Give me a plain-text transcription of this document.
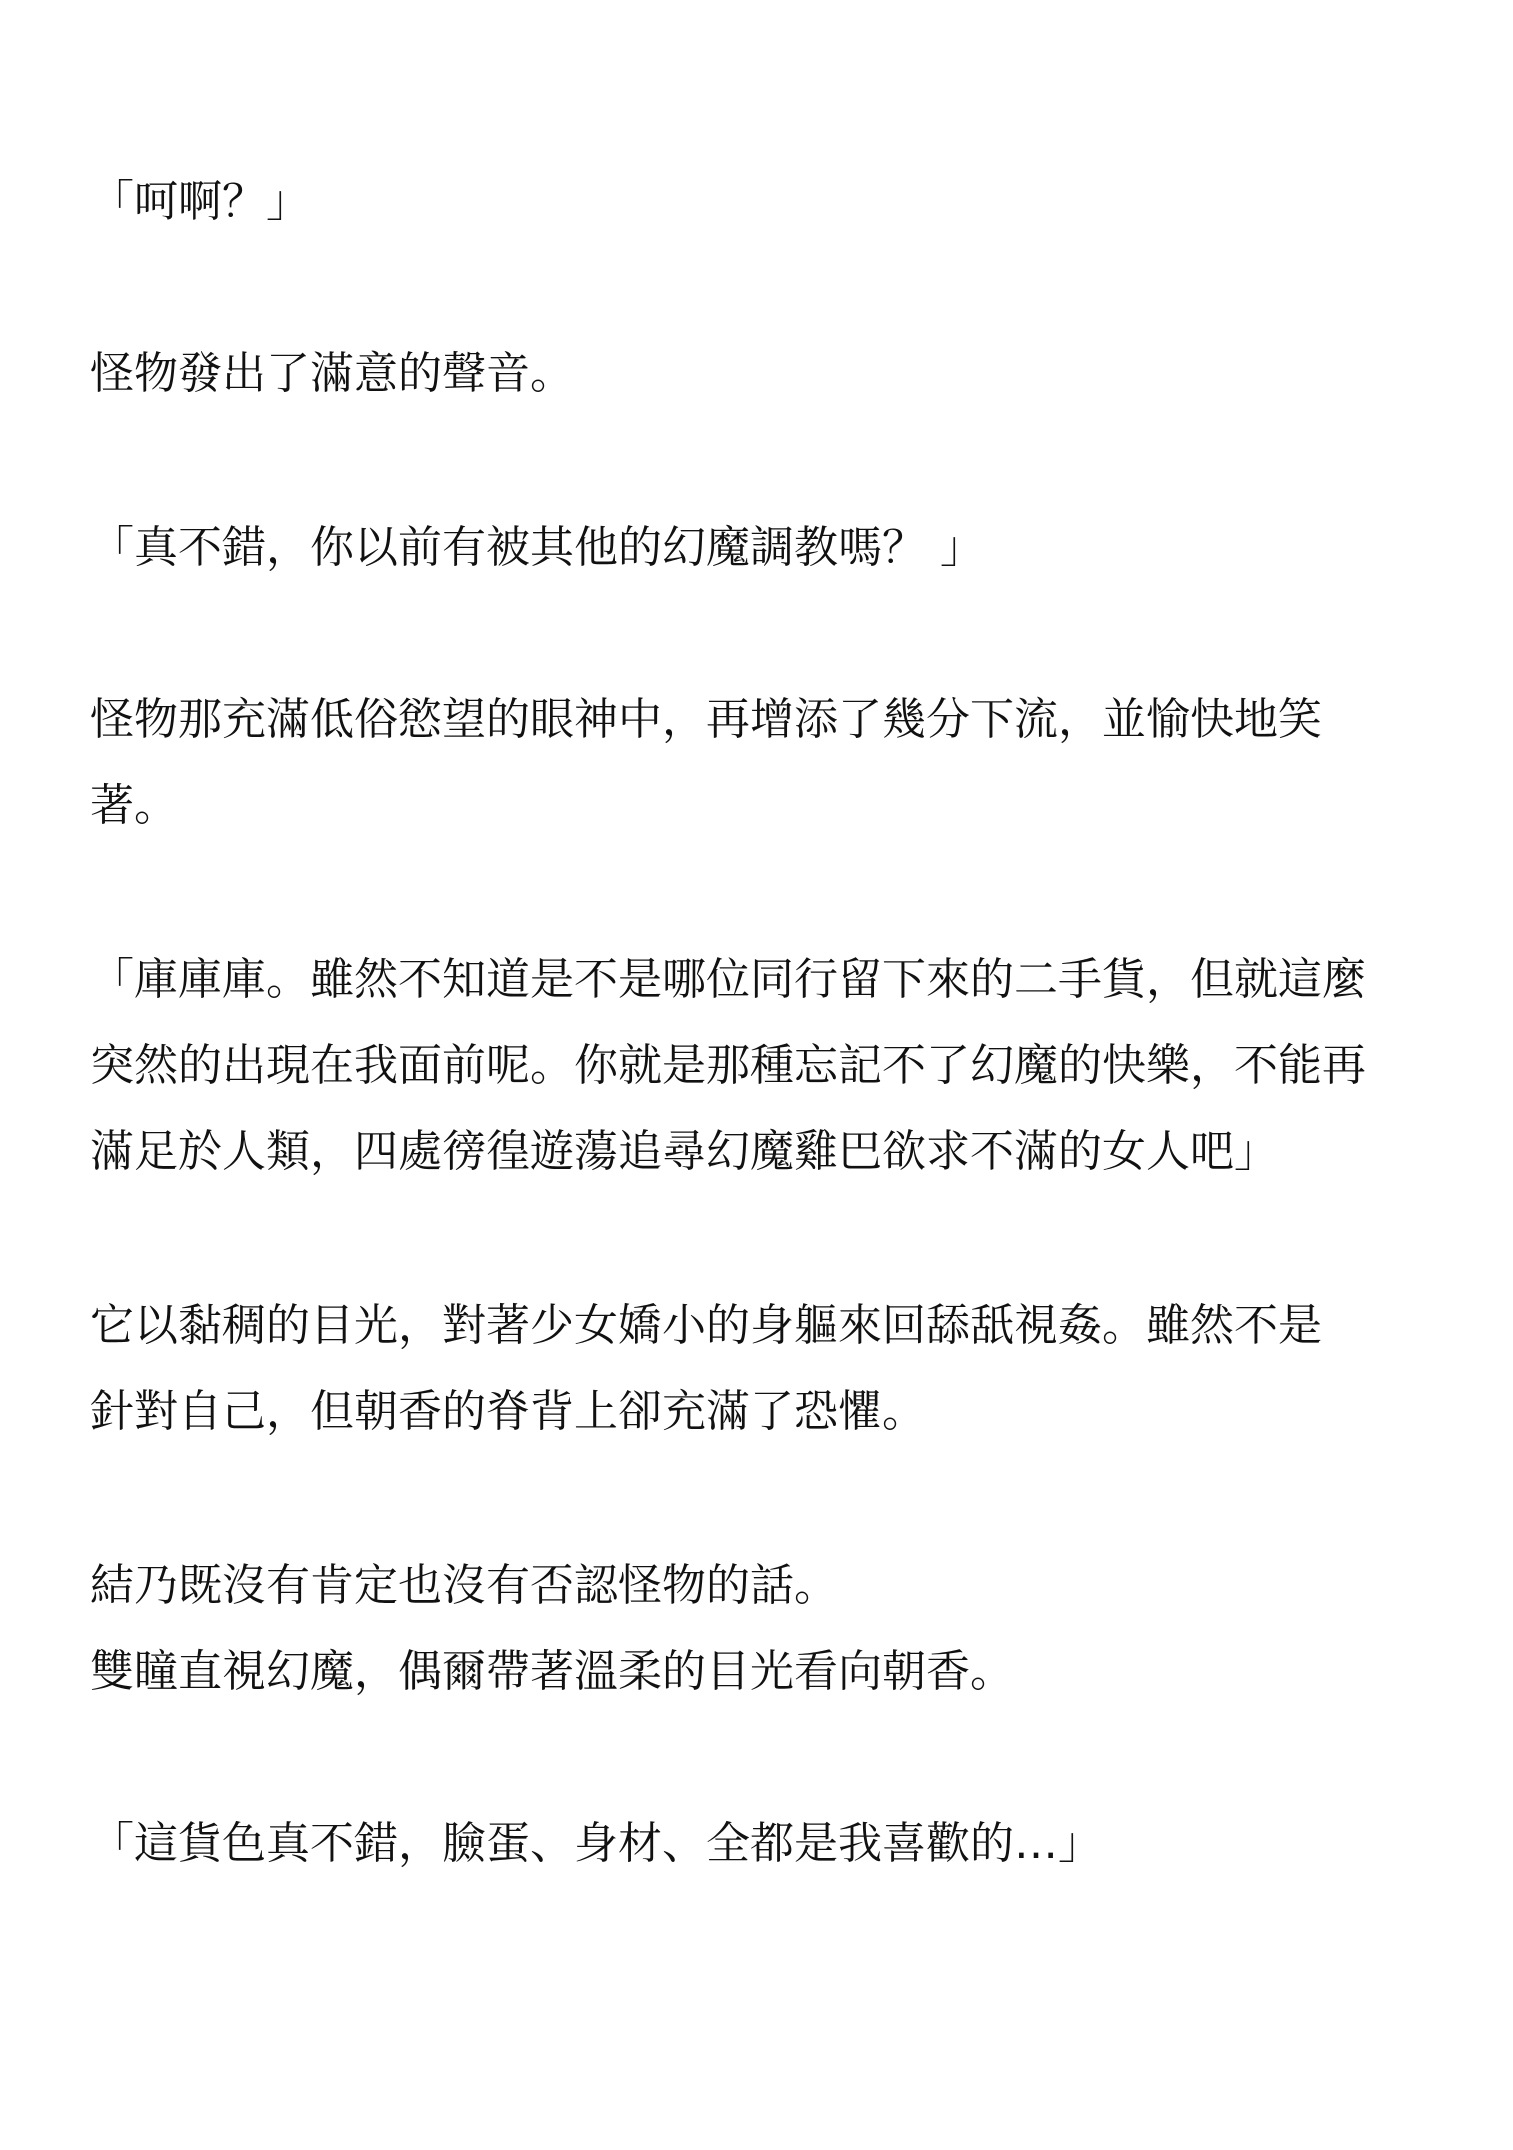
「呵啊？」

怪物發出了滿意的聲音。

「真不錯，你以前有被其他的幻魔調教嗎？ 」

怪物那充滿低俗慾望的眼神中，再增添了幾分下流，並愉快地笑

著。

「庫庫庫。雖然不知道是不是哪位同行留下來的二手貨，但就這麼

突然的出現在我面前呢。你就是那種忘記不了幻魔的快樂，不能再

滿足於人類，四處徬徨遊蕩追尋幻魔雞巴欲求不滿的女人吧」

它以黏稠的目光，對著少女嬌小的身軀來回舔舐視姦。雖然不是

針對自己，但朝香的脊背上卻充滿了恐懼。

結乃既沒有肯定也沒有否認怪物的話。

雙瞳直視幻魔，偶爾帶著溫柔的目光看向朝香。

「這貨色真不錯，臉蛋、身材、全都是我喜歡的…」
